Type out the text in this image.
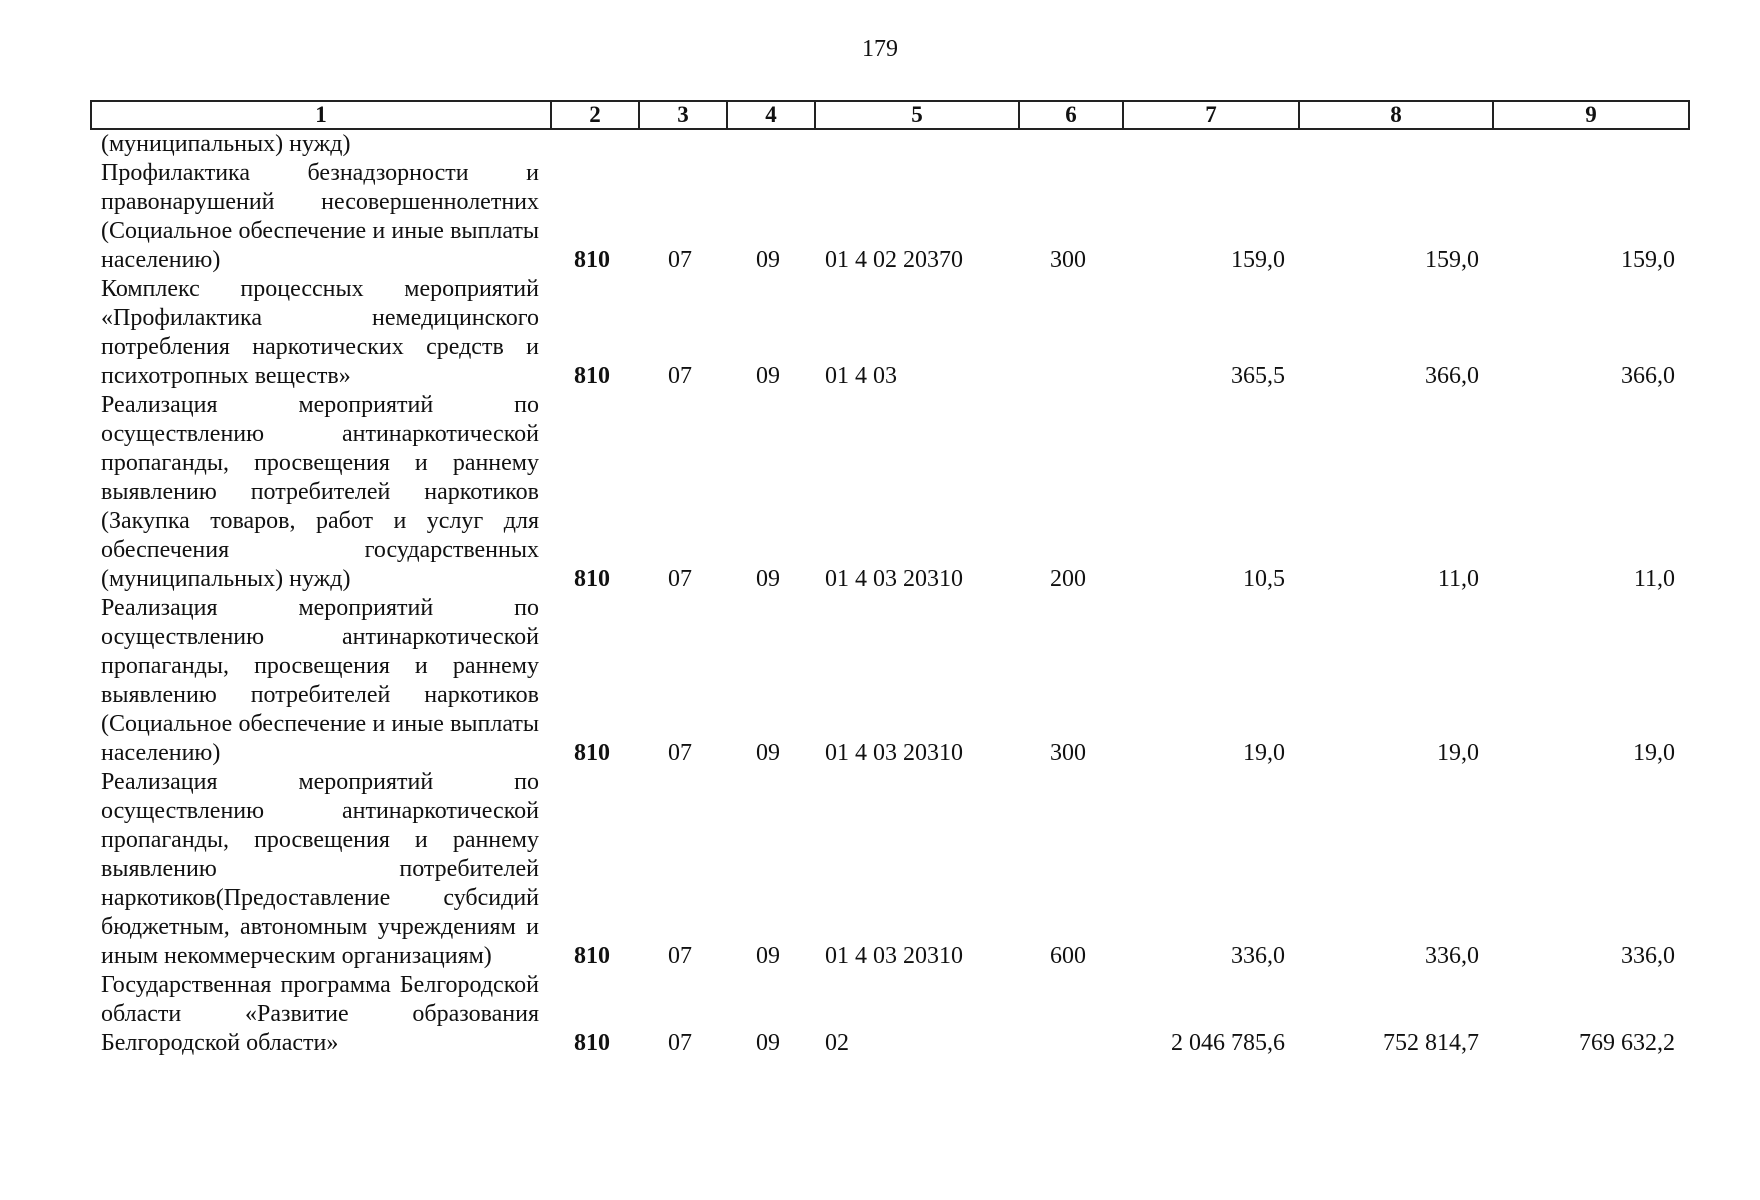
179
1	2	3	4	5	6	7	8	9
(муниципальных) нужд)								
Профилактика безнадзорности и правонарушений несовершеннолетних (Социальное обеспечение и иные выплаты населению)	810	07	09	01 4 02 20370	300	159,0	159,0	159,0
Комплекс процессных мероприятий «Профилактика немедицинского потребления наркотических средств и психотропных веществ»	810	07	09	01 4 03		365,5	366,0	366,0
Реализация мероприятий по осуществлению антинаркотической пропаганды, просвещения и раннему выявлению потребителей наркотиков (Закупка товаров, работ и услуг для обеспечения государственных (муниципальных) нужд)	810	07	09	01 4 03 20310	200	10,5	11,0	11,0
Реализация мероприятий по осуществлению антинаркотической пропаганды, просвещения и раннему выявлению потребителей наркотиков (Социальное обеспечение и иные выплаты населению)	810	07	09	01 4 03 20310	300	19,0	19,0	19,0
Реализация мероприятий по осуществлению антинаркотической пропаганды, просвещения и раннему выявлению потребителей наркотиков(Предоставление субсидий бюджетным, автономным учреждениям и иным некоммерческим организациям)	810	07	09	01 4 03 20310	600	336,0	336,0	336,0
Государственная программа Белгородской области «Развитие образования Белгородской области»	810	07	09	02		2 046 785,6	752 814,7	769 632,2
